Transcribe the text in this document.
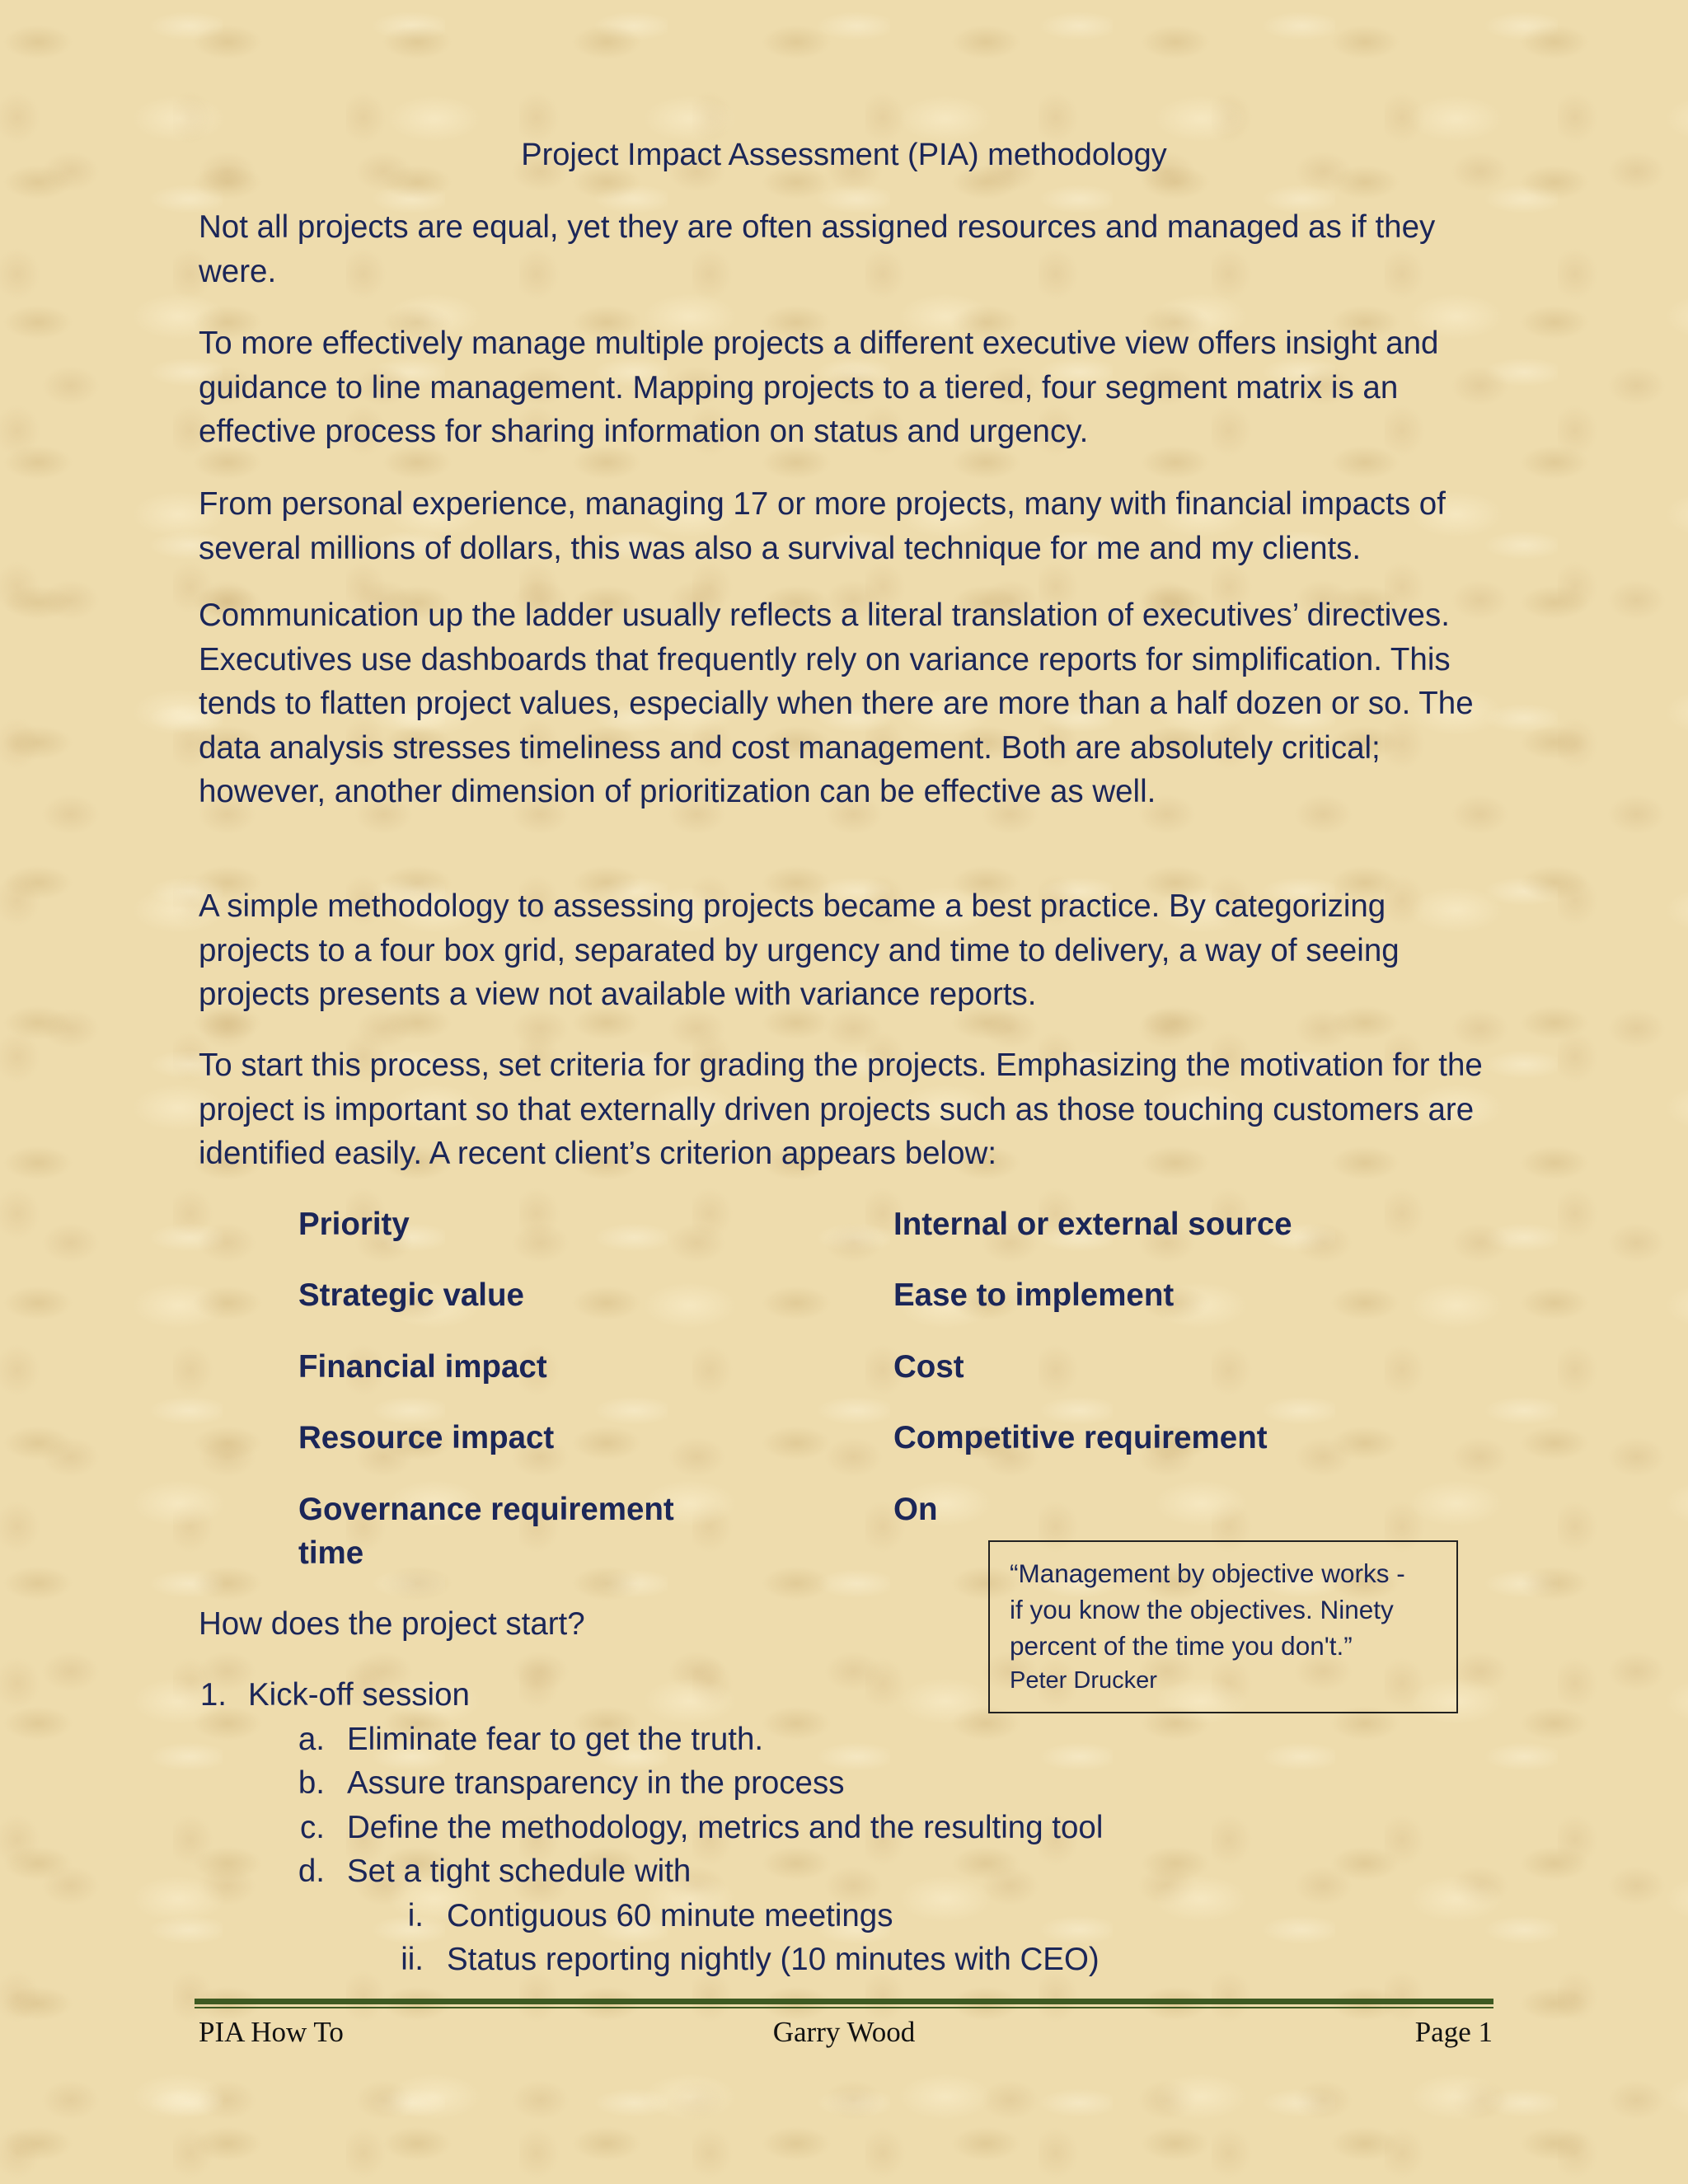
Project Impact Assessment (PIA) methodology

Not all projects are equal, yet they are often assigned resources and managed as if they were.

To more effectively manage multiple projects a different executive view offers insight and guidance to line management. Mapping projects to a tiered, four segment matrix is an effective process for sharing information on status and urgency.

From personal experience, managing 17 or more projects, many with financial impacts of several millions of dollars, this was also a survival technique for me and my clients.

Communication up the ladder usually reflects a literal translation of executives’ directives. Executives use dashboards that frequently rely on variance reports for simplification. This tends to flatten project values, especially when there are more than a half dozen or so. The data analysis stresses timeliness and cost management. Both are absolutely critical; however, another dimension of prioritization can be effective as well.

A simple methodology to assessing projects became a best practice. By categorizing projects to a four box grid, separated by urgency and time to delivery, a way of seeing projects presents a view not available with variance reports.

To start this process, set criteria for grading the projects. Emphasizing the motivation for the project is important so that externally driven projects such as those touching customers are identified easily. A recent client’s criterion appears below:

Priority
Strategic value
Financial impact
Resource impact
Governance requirement
time
Internal or external source
Ease to implement
Cost
Competitive requirement
On
How does the project start?
1. Kick-off session
a. Eliminate fear to get the truth.
b. Assure transparency in the process
c. Define the methodology, metrics and the resulting tool
d. Set a tight schedule with
i. Contiguous 60 minute meetings
ii. Status reporting nightly (10 minutes with CEO)
“Management by objective works -
if you know the objectives. Ninety
percent of the time you don't.”
Peter Drucker
PIA How To	Garry Wood	Page 1
